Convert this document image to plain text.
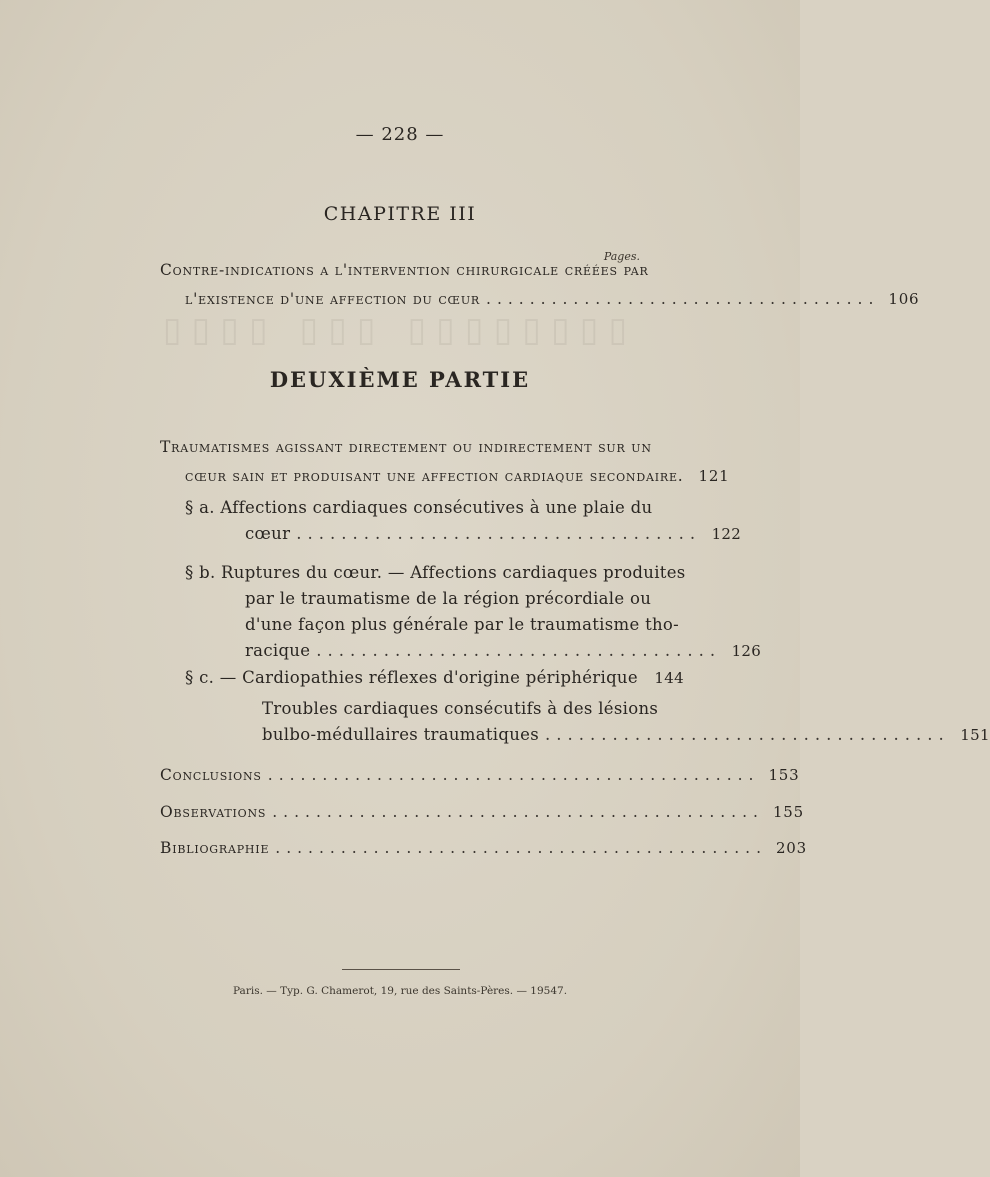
▯▯▯▯ ▯▯▯ ▯▯▯▯▯▯▯▯
— 228 —
CHAPITRE III
Pages.
Contre-indications a l'intervention chirurgicale créées par
l'existence d'une affection du cœur .................................... 106
DEUXIÈME PARTIE
Traumatismes agissant directement ou indirectement sur un
cœur sain et produisant une affection cardiaque secondaire. 121
§ a. Affections cardiaques consécutives à une plaie du
cœur .................................... 122
§ b. Ruptures du cœur. — Affections cardiaques produites
par le traumatisme de la région précordiale ou
d'une façon plus générale par le traumatisme tho-
racique .................................... 126
§ c. — Cardiopathies réflexes d'origine périphérique 144
Troubles cardiaques consécutifs à des lésions
bulbo-médullaires traumatiques .................................... 151
Conclusions ............................................. 153
Observations ............................................. 155
Bibliographie ............................................. 203
Paris. — Typ. G. Chamerot, 19, rue des Saints-Pères. — 19547.
